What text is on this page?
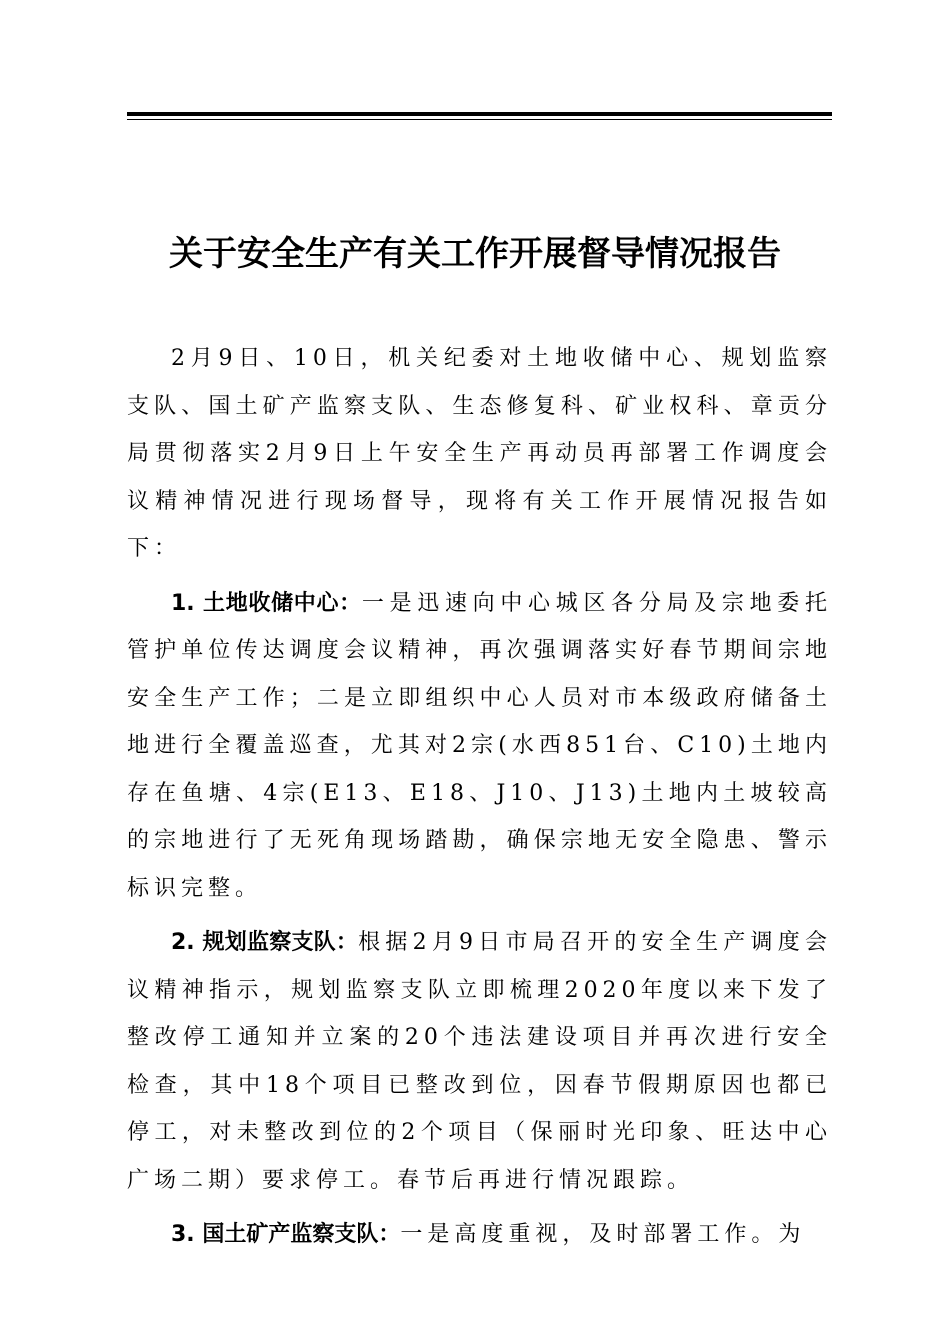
关于安全生产有关工作开展督导情况报告

2月9日、10日，机关纪委对土地收储中心、规划监察支队、国土矿产监察支队、生态修复科、矿业权科、章贡分局贯彻落实2月9日上午安全生产再动员再部署工作调度会议精神情况进行现场督导，现将有关工作开展情况报告如下：

1. 土地收储中心：一是迅速向中心城区各分局及宗地委托管护单位传达调度会议精神，再次强调落实好春节期间宗地安全生产工作；二是立即组织中心人员对市本级政府储备土地进行全覆盖巡查，尤其对2宗(水西851台、C10)土地内存在鱼塘、4宗(E13、E18、J10、J13)土地内土坡较高的宗地进行了无死角现场踏勘，确保宗地无安全隐患、警示标识完整。

2. 规划监察支队：根据2月9日市局召开的安全生产调度会议精神指示，规划监察支队立即梳理2020年度以来下发了整改停工通知并立案的20个违法建设项目并再次进行安全检查，其中18个项目已整改到位，因春节假期原因也都已停工，对未整改到位的2个项目（保丽时光印象、旺达中心广场二期）要求停工。春节后再进行情况跟踪。

3. 国土矿产监察支队：一是高度重视，及时部署工作。为
